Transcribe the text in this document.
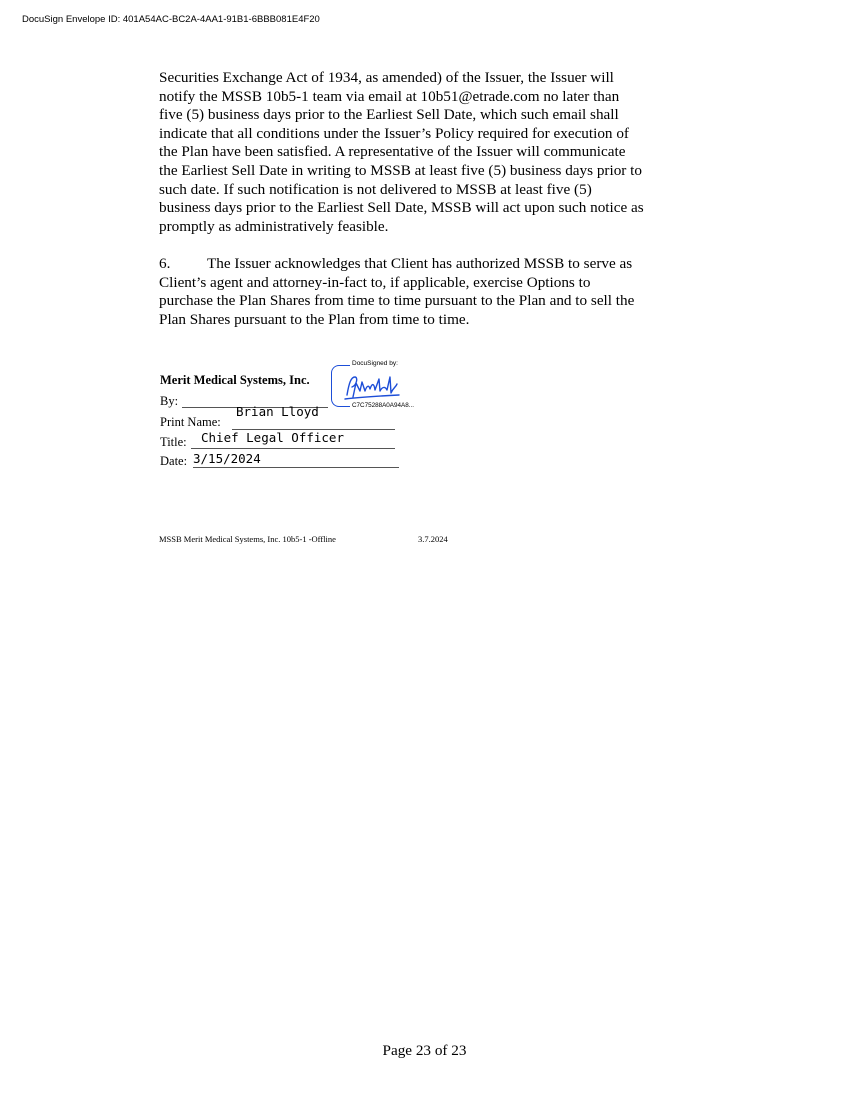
DocuSign Envelope ID: 401A54AC-BC2A-4AA1-91B1-6BBB081E4F20

Securities Exchange Act of 1934, as amended) of the Issuer, the Issuer will
notify the MSSB 10b5-1 team via email at 10b51@etrade.com no later than
five (5) business days prior to the Earliest Sell Date, which such email shall
indicate that all conditions under the Issuer’s Policy required for execution of
the Plan have been satisfied. A representative of the Issuer will communicate
the Earliest Sell Date in writing to MSSB at least five (5) business days prior to
such date. If such notification is not delivered to MSSB at least five (5)
business days prior to the Earliest Sell Date, MSSB will act upon such notice as
promptly as administratively feasible.

6. The Issuer acknowledges that Client has authorized MSSB to serve as
Client’s agent and attorney-in-fact to, if applicable, exercise Options to
purchase the Plan Shares from time to time pursuant to the Plan and to sell the
Plan Shares pursuant to the Plan from time to time.

Merit Medical Systems, Inc.
DocuSigned by:
C7C75288A0A94A8...
By:
Brian Lloyd
Print Name:
Title: Chief Legal Officer
Date: 3/15/2024
MSSB Merit Medical Systems, Inc. 10b5-1 -Offline	3.7.2024
Page 23 of 23
